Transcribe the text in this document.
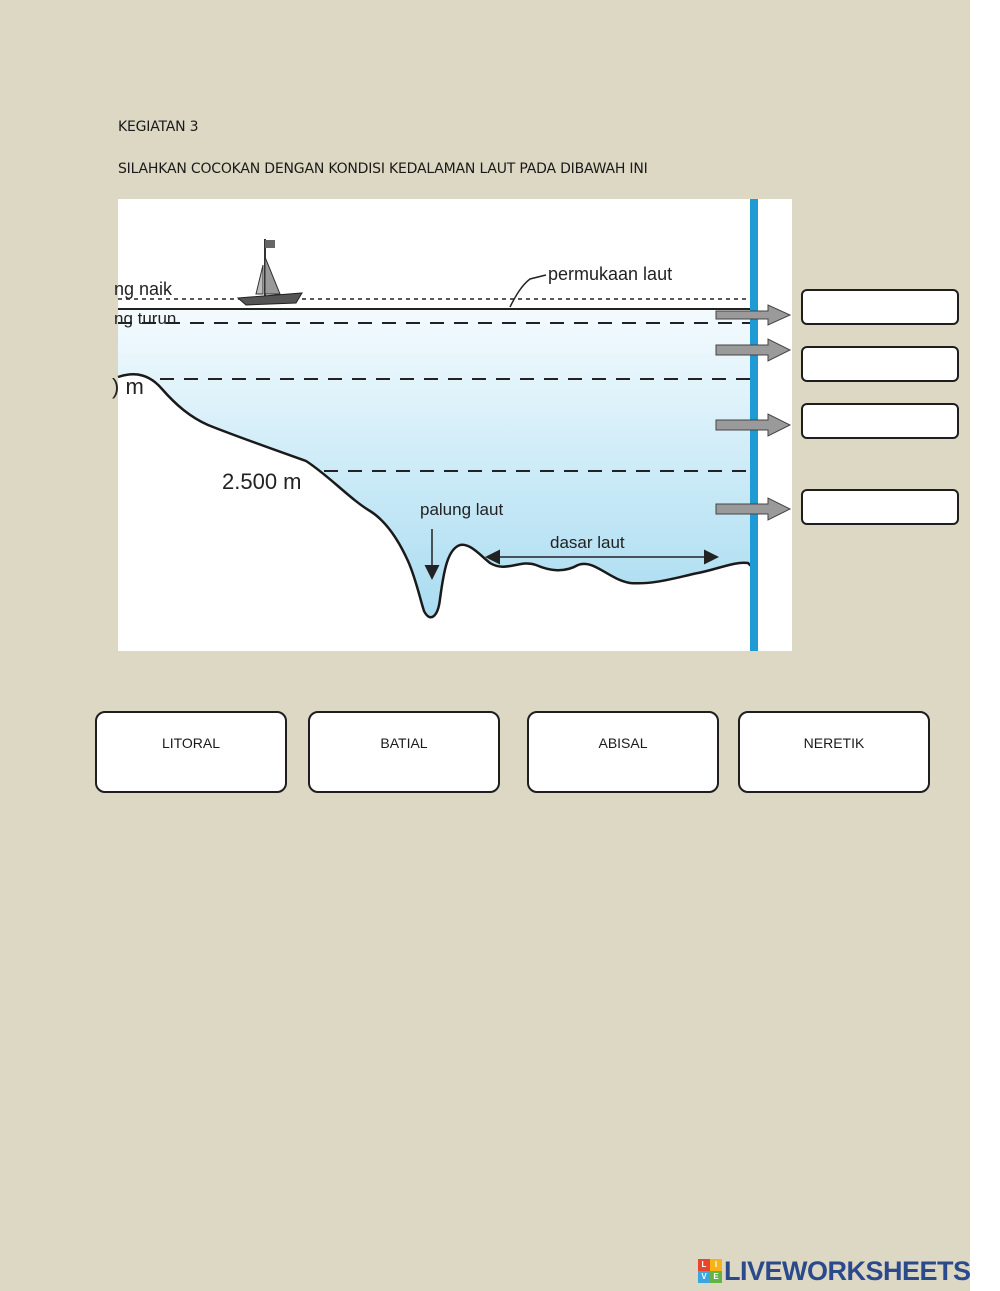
KEGIATAN 3
SILAHKAN COCOKAN DENGAN KONDISI KEDALAMAN LAUT PADA DIBAWAH INI
ng naik
ng turun
permukaan laut
) m
2.500 m
palung laut
dasar laut
LITORAL	BATIAL	ABISAL	NERETIK
L	I
V E LIVEWORKSHEETS
